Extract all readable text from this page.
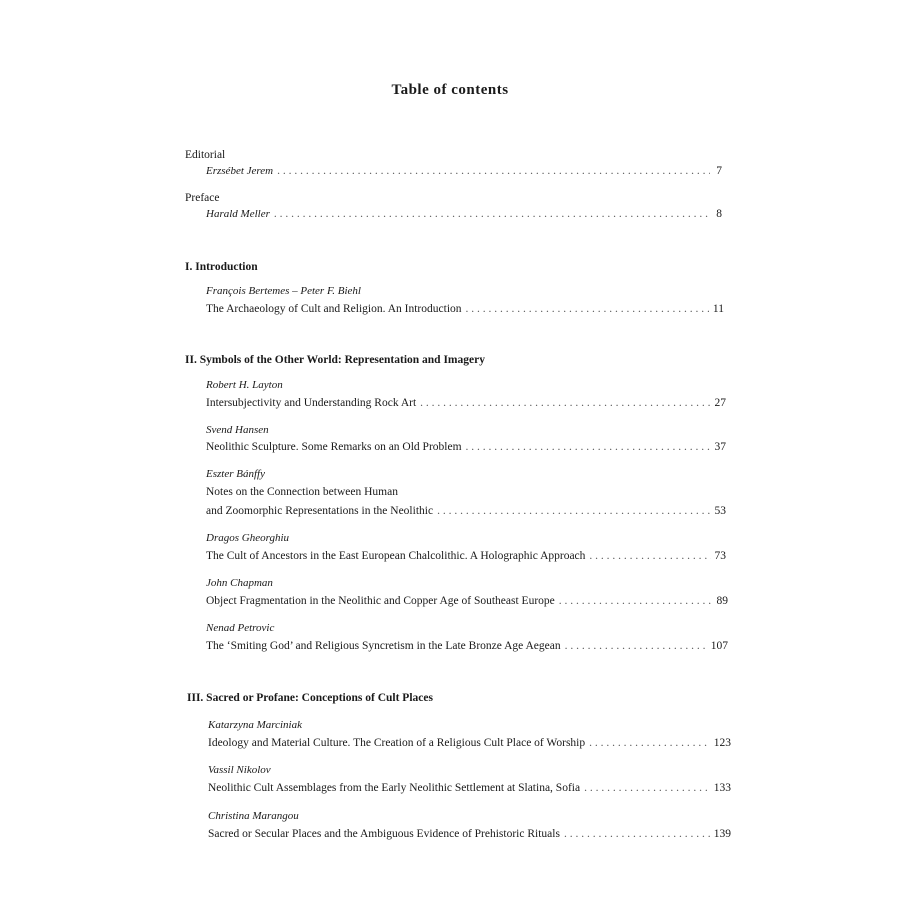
Table of contents
Editorial
Erzsébet Jerem . . .	7
Preface
Harald Meller . . .	8
I. Introduction
François Bertemes – Peter F. Biehl
The Archaeology of Cult and Religion. An Introduction . . .	11
II. Symbols of the Other World: Representation and Imagery
Robert H. Layton
Intersubjectivity and Understanding Rock Art . . .	27
Svend Hansen
Neolithic Sculpture. Some Remarks on an Old Problem . . .	37
Eszter Bánffy
Notes on the Connection between Human
and Zoomorphic Representations in the Neolithic . . .	53
Dragos Gheorghiu
The Cult of Ancestors in the East European Chalcolithic. A Holographic Approach . . .	73
John Chapman
Object Fragmentation in the Neolithic and Copper Age of Southeast Europe . . .	89
Nenad Petrovic
The ‘Smiting God’ and Religious Syncretism in the Late Bronze Age Aegean . . .	107
III. Sacred or Profane: Conceptions of Cult Places
Katarzyna Marciniak
Ideology and Material Culture. The Creation of a Religious Cult Place of Worship . . .	123
Vassil Nikolov
Neolithic Cult Assemblages from the Early Neolithic Settlement at Slatina, Sofia . . .	133
Christina Marangou
Sacred or Secular Places and the Ambiguous Evidence of Prehistoric Rituals . . .	139
